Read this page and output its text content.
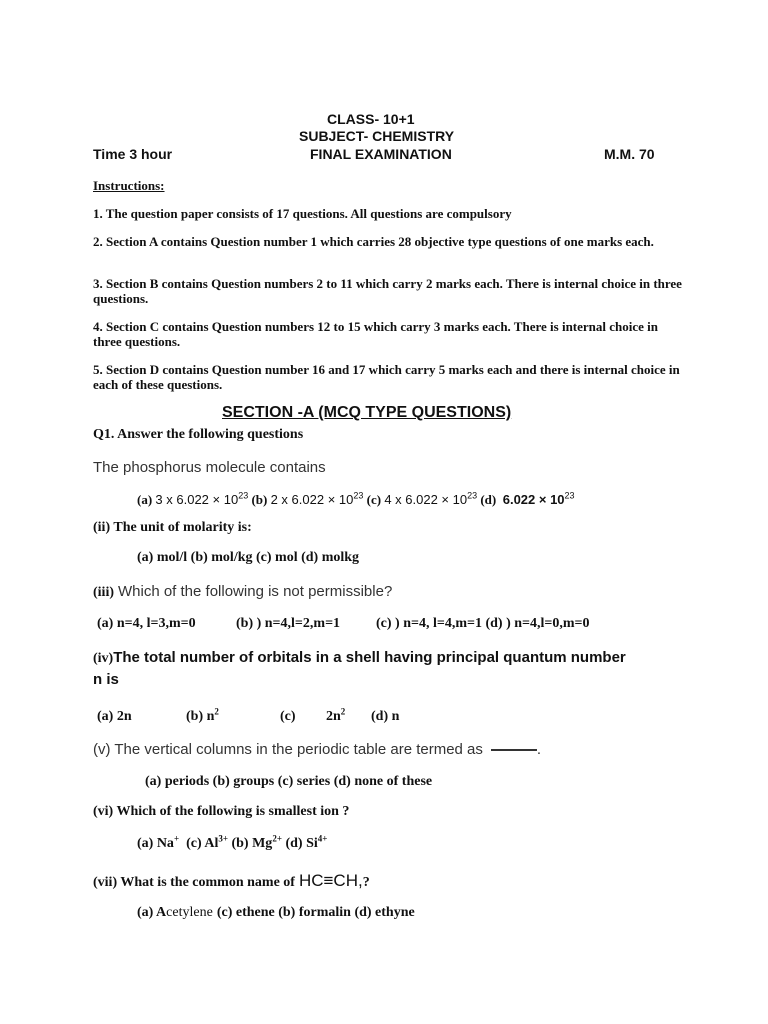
CLASS- 10+1
SUBJECT- CHEMISTRY
Time 3 hour	FINAL EXAMINATION	M.M. 70
Instructions:
1. The question paper consists of 17 questions. All questions are compulsory
2. Section A contains Question number 1 which carries 28 objective type questions of one marks each.
3. Section B contains Question numbers 2 to 11 which carry 2 marks each. There is internal choice in three questions.
4. Section C contains Question numbers 12 to 15 which carry 3 marks each. There is internal choice in three questions.
5. Section D contains Question number 16 and 17 which carry 5 marks each and there is internal choice in each of these questions.
SECTION -A (MCQ TYPE QUESTIONS)
Q1. Answer the following questions
The phosphorus molecule contains
(a) 3 x $6.022 \times 10^{23}$ (b) 2 x $6.022 \times 10^{23}$ (c) 4 x $6.022 \times 10^{23}$ (d) $6.022 \times 10^{23}$
(ii) The unit of molarity is:
(a) mol/l (b) mol/kg (c) mol (d) molkg
(iii) Which of the following is not permissible?
(a) n=4, l=3,m=0	(b) ) n=4,l=2,m=1	(c) ) n=4, l=4,m=1 (d) ) n=4,l=0,m=0
(iv)The total number of orbitals in a shell having principal quantum number
n is
(a) 2n	(b) $n^2$	(c) $2n^2$ (d) n
(v) The vertical columns in the periodic table are termed as	.
(a) periods (b) groups (c) series (d) none of these
(vi) Which of the following is smallest ion ?
(a) Na+ (c) $Al^{3+}$ (b) $Mg^{2+}$ (d) $Si^{4+}$
(vii) What is the common name of HC≡CH,?
(a) Acetylene (c) ethene (b) formalin (d) ethyne
